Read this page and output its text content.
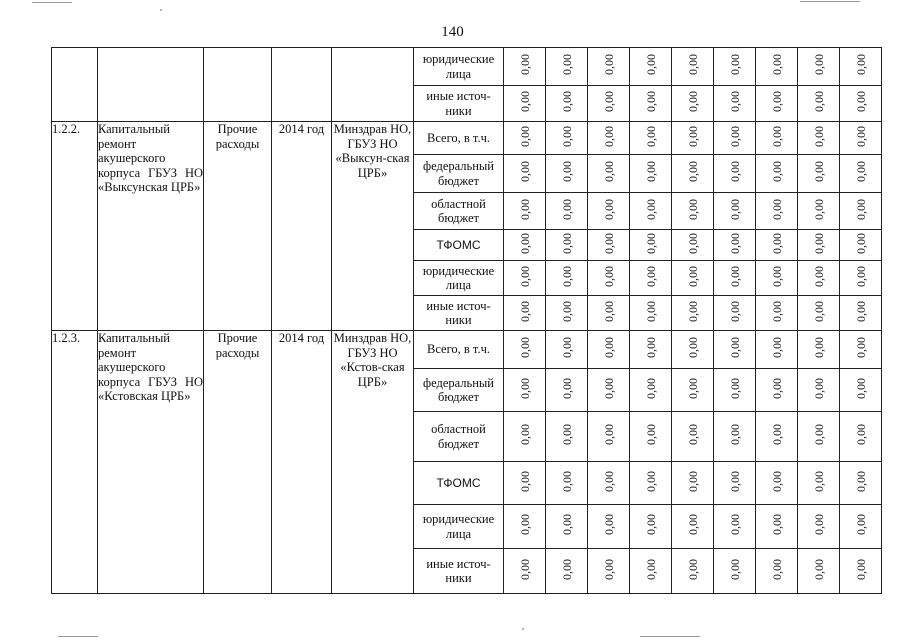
140
					юридические лица	0,00	0,00	0,00	0,00	0,00	0,00	0,00	0,00	0,00
					иные источ-ники	0,00	0,00	0,00	0,00	0,00	0,00	0,00	0,00	0,00
1.2.2.	Капитальный ремонт акушерского корпуса ГБУЗ НО «Выксунская ЦРБ»	Прочие расходы	2014 год	Минздрав НО, ГБУЗ НО «Выксун-ская ЦРБ»	Всего, в т.ч.	0,00	0,00	0,00	0,00	0,00	0,00	0,00	0,00	0,00
					федеральный бюджет	0,00	0,00	0,00	0,00	0,00	0,00	0,00	0,00	0,00
					областной бюджет	0,00	0,00	0,00	0,00	0,00	0,00	0,00	0,00	0,00
					ТФОМС	0,00	0,00	0,00	0,00	0,00	0,00	0,00	0,00	0,00
					юридические лица	0,00	0,00	0,00	0,00	0,00	0,00	0,00	0,00	0,00
					иные источ-ники	0,00	0,00	0,00	0,00	0,00	0,00	0,00	0,00	0,00
1.2.3.	Капитальный ремонт акушерского корпуса ГБУЗ НО «Кстовская ЦРБ»	Прочие расходы	2014 год	Минздрав НО, ГБУЗ НО «Кстов-ская ЦРБ»	Всего, в т.ч.	0,00	0,00	0,00	0,00	0,00	0,00	0,00	0,00	0,00
					федеральный бюджет	0,00	0,00	0,00	0,00	0,00	0,00	0,00	0,00	0,00
					областной бюджет	0,00	0,00	0,00	0,00	0,00	0,00	0,00	0,00	0,00
					ТФОМС	0,00	0,00	0,00	0,00	0,00	0,00	0,00	0,00	0,00
					юридические лица	0,00	0,00	0,00	0,00	0,00	0,00	0,00	0,00	0,00
					иные источ-ники	0,00	0,00	0,00	0,00	0,00	0,00	0,00	0,00	0,00
